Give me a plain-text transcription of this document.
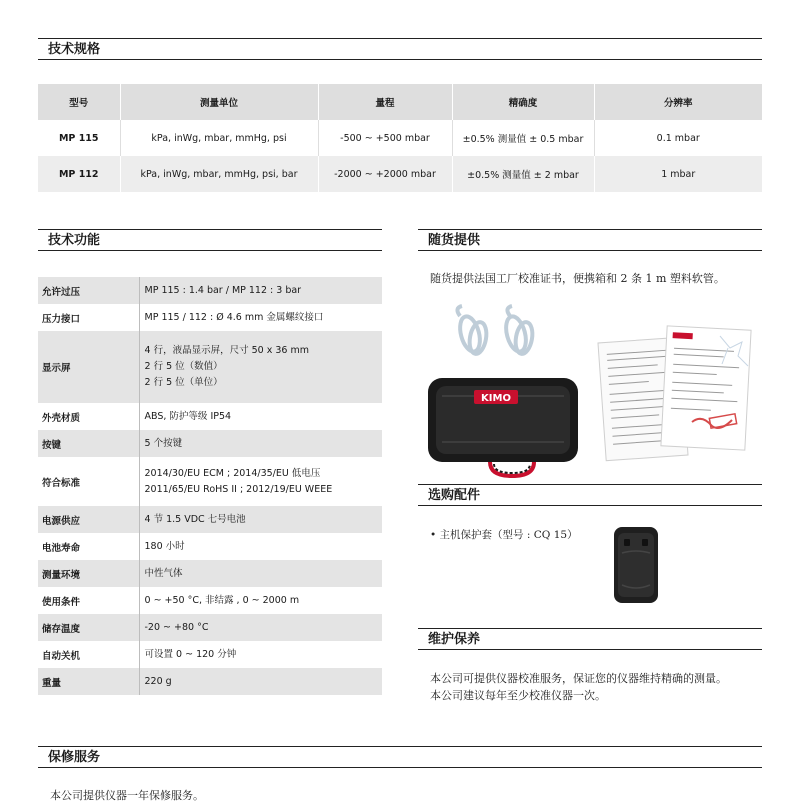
技术规格
型号	测量单位	量程	精确度	分辨率
MP 115	kPa, inWg, mbar, mmHg, psi	-500 ~ +500 mbar	±0.5% 测量值 ± 0.5 mbar	0.1 mbar
MP 112	kPa, inWg, mbar, mmHg, psi, bar	-2000 ~ +2000 mbar	±0.5% 测量值 ± 2 mbar	1 mbar
技术功能
允许过压	MP 115 : 1.4 bar / MP 112 : 3 bar

压力接口	MP 115 / 112 : Ø 4.6 mm 金属螺纹接口

显示屏	4 行，液晶显示屏，尺寸 50 x 36 mm
2 行 5 位（数值）
2 行 5 位（单位）

外壳材质	ABS, 防护等级 IP54

按键	5 个按键

符合标准	2014/30/EU ECM ; 2014/35/EU 低电压
2011/65/EU RoHS II ; 2012/19/EU WEEE

电源供应	4 节 1.5 VDC 七号电池

电池寿命	180 小时

测量环境	中性气体

使用条件	0 ~ +50 °C, 非结露 , 0 ~ 2000 m

储存温度	-20 ~ +80 °C

自动关机	可设置 0 ~ 120 分钟

重量	220 g
随货提供
随货提供法国工厂校准证书，便携箱和 2 条 1 m 塑料软管。
KIMO
选购配件
• 主机保护套（型号 : CQ 15）
维护保养
本公司可提供仪器校准服务，保证您的仪器维持精确的测量。
本公司建议每年至少校准仪器一次。
保修服务
本公司提供仪器一年保修服务。
